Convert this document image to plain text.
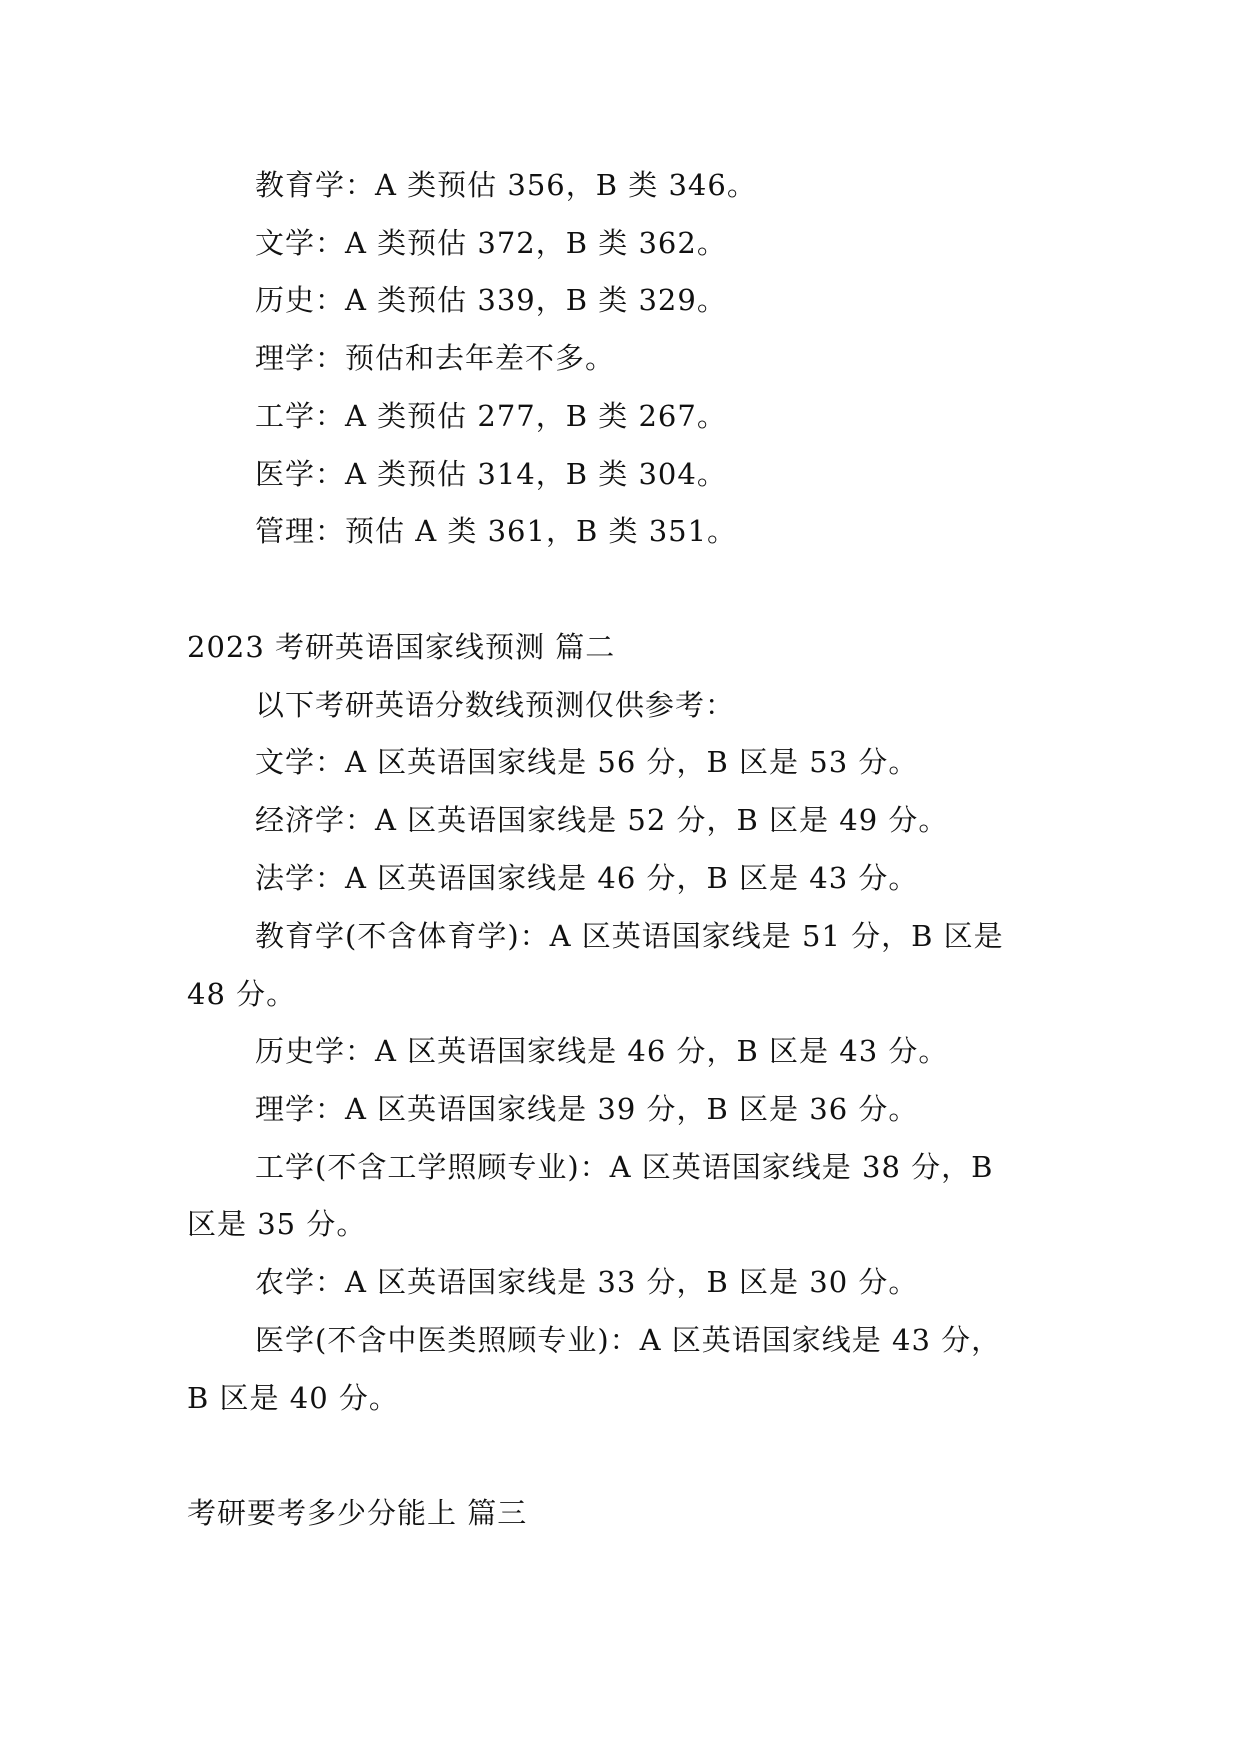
教育学：A 类预估 356，B 类 346。
文学：A 类预估 372，B 类 362。
历史：A 类预估 339，B 类 329。
理学：预估和去年差不多。
工学：A 类预估 277，B 类 267。
医学：A 类预估 314，B 类 304。
管理：预估 A 类 361，B 类 351。
2023 考研英语国家线预测 篇二
以下考研英语分数线预测仅供参考：
文学：A 区英语国家线是 56 分，B 区是 53 分。
经济学：A 区英语国家线是 52 分，B 区是 49 分。
法学：A 区英语国家线是 46 分，B 区是 43 分。
教育学(不含体育学)：A 区英语国家线是 51 分，B 区是
48 分。
历史学：A 区英语国家线是 46 分，B 区是 43 分。
理学：A 区英语国家线是 39 分，B 区是 36 分。
工学(不含工学照顾专业)：A 区英语国家线是 38 分，B
区是 35 分。
农学：A 区英语国家线是 33 分，B 区是 30 分。
医学(不含中医类照顾专业)：A 区英语国家线是 43 分，
B 区是 40 分。
考研要考多少分能上 篇三
